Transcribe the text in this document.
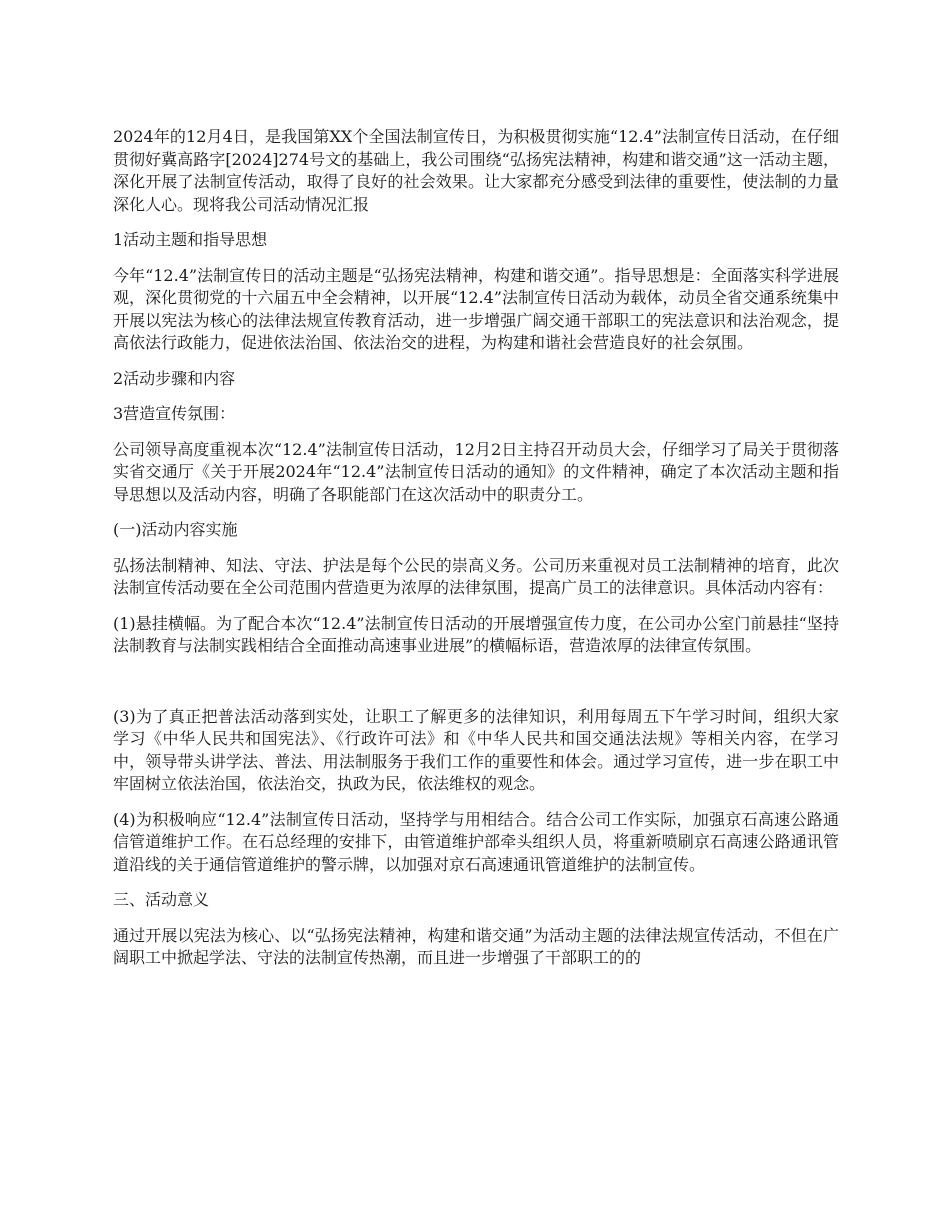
2024年的12月4日，是我国第XX个全国法制宣传日，为积极贯彻实施“12.4”法制宣传日活动，在仔细贯彻好冀高路字[2024]274号文的基础上，我公司围绕“弘扬宪法精神，构建和谐交通”这一活动主题，深化开展了法制宣传活动，取得了良好的社会效果。让大家都充分感受到法律的重要性，使法制的力量深化人心。现将我公司活动情况汇报

1活动主题和指导思想

今年“12.4”法制宣传日的活动主题是“弘扬宪法精神，构建和谐交通”。指导思想是：全面落实科学进展观，深化贯彻党的十六届五中全会精神，以开展“12.4”法制宣传日活动为载体，动员全省交通系统集中开展以宪法为核心的法律法规宣传教育活动，进一步增强广阔交通干部职工的宪法意识和法治观念，提高依法行政能力，促进依法治国、依法治交的进程，为构建和谐社会营造良好的社会氛围。

2活动步骤和内容

3营造宣传氛围：

公司领导高度重视本次“12.4”法制宣传日活动，12月2日主持召开动员大会，仔细学习了局关于贯彻落实省交通厅《关于开展2024年“12.4”法制宣传日活动的通知》的文件精神，确定了本次活动主题和指导思想以及活动内容，明确了各职能部门在这次活动中的职责分工。

(一)活动内容实施

弘扬法制精神、知法、守法、护法是每个公民的崇高义务。公司历来重视对员工法制精神的培育，此次法制宣传活动要在全公司范围内营造更为浓厚的法律氛围，提高广员工的法律意识。具体活动内容有：

(1)悬挂横幅。为了配合本次“12.4”法制宣传日活动的开展增强宣传力度，在公司办公室门前悬挂“坚持法制教育与法制实践相结合全面推动高速事业进展”的横幅标语，营造浓厚的法律宣传氛围。

(3)为了真正把普法活动落到实处，让职工了解更多的法律知识，利用每周五下午学习时间，组织大家学习《中华人民共和国宪法》、《行政许可法》和《中华人民共和国交通法法规》等相关内容，在学习中，领导带头讲学法、普法、用法制服务于我们工作的重要性和体会。通过学习宣传，进一步在职工中牢固树立依法治国，依法治交，执政为民，依法维权的观念。

(4)为积极响应“12.4”法制宣传日活动，坚持学与用相结合。结合公司工作实际，加强京石高速公路通信管道维护工作。在石总经理的安排下，由管道维护部牵头组织人员，将重新喷刷京石高速公路通讯管道沿线的关于通信管道维护的警示牌，以加强对京石高速通讯管道维护的法制宣传。

三、活动意义

通过开展以宪法为核心、以“弘扬宪法精神，构建和谐交通”为活动主题的法律法规宣传活动，不但在广阔职工中掀起学法、守法的法制宣传热潮，而且进一步增强了干部职工的的
